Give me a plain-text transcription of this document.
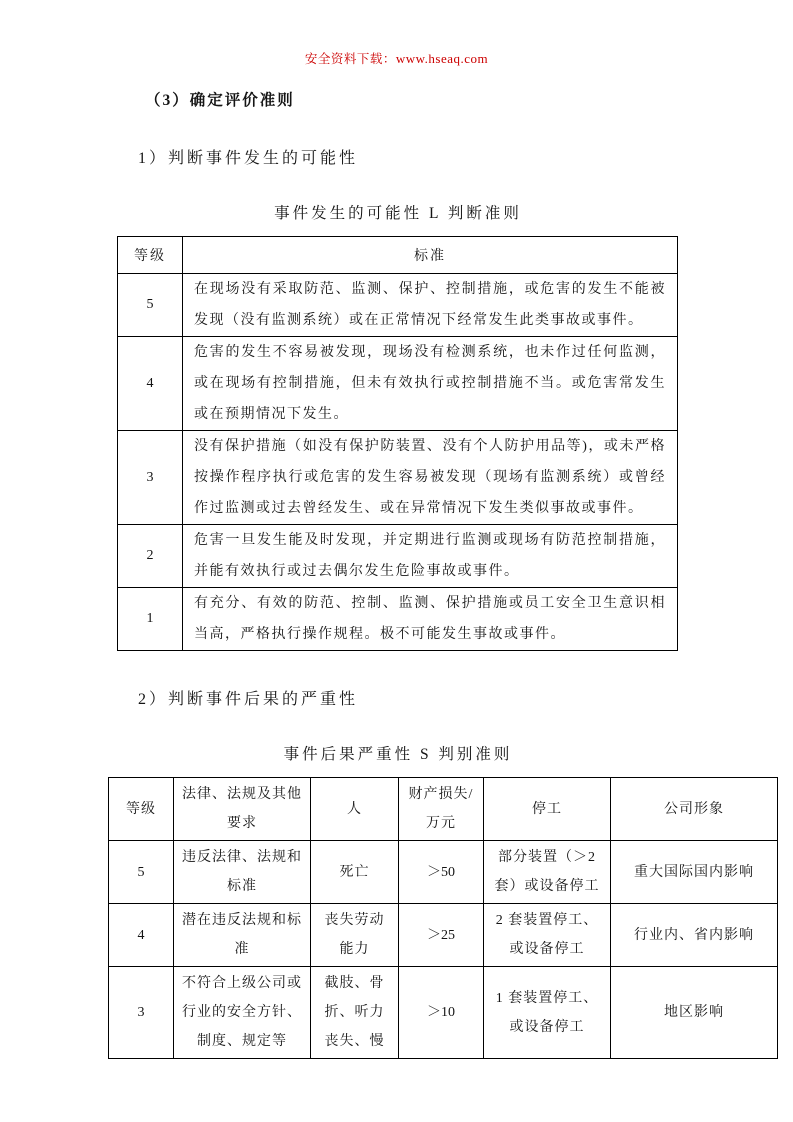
安全资料下载：www.hseaq.com
（3）确定评价准则
1）判断事件发生的可能性
事件发生的可能性 L 判断准则
等级	标准
5	在现场没有采取防范、监测、保护、控制措施，或危害的发生不能被发现（没有监测系统）或在正常情况下经常发生此类事故或事件。
4	危害的发生不容易被发现，现场没有检测系统，也未作过任何监测，或在现场有控制措施，但未有效执行或控制措施不当。或危害常发生或在预期情况下发生。
3	没有保护措施（如没有保护防装置、没有个人防护用品等)，或未严格按操作程序执行或危害的发生容易被发现（现场有监测系统）或曾经作过监测或过去曾经发生、或在异常情况下发生类似事故或事件。
2	危害一旦发生能及时发现，并定期进行监测或现场有防范控制措施，并能有效执行或过去偶尔发生危险事故或事件。
1	有充分、有效的防范、控制、监测、保护措施或员工安全卫生意识相当高，严格执行操作规程。极不可能发生事故或事件。
2）判断事件后果的严重性
事件后果严重性 S 判别准则
等级	法律、法规及其他要求	人	财产损失/万元	停工	公司形象
5	违反法律、法规和标准	死亡	＞50	部分装置（＞2套）或设备停工	重大国际国内影响
4	潜在违反法规和标准	丧失劳动能力	＞25	2 套装置停工、或设备停工	行业内、省内影响
3	不符合上级公司或行业的安全方针、制度、规定等	截肢、骨折、听力丧失、慢	＞10	1 套装置停工、或设备停工	地区影响
